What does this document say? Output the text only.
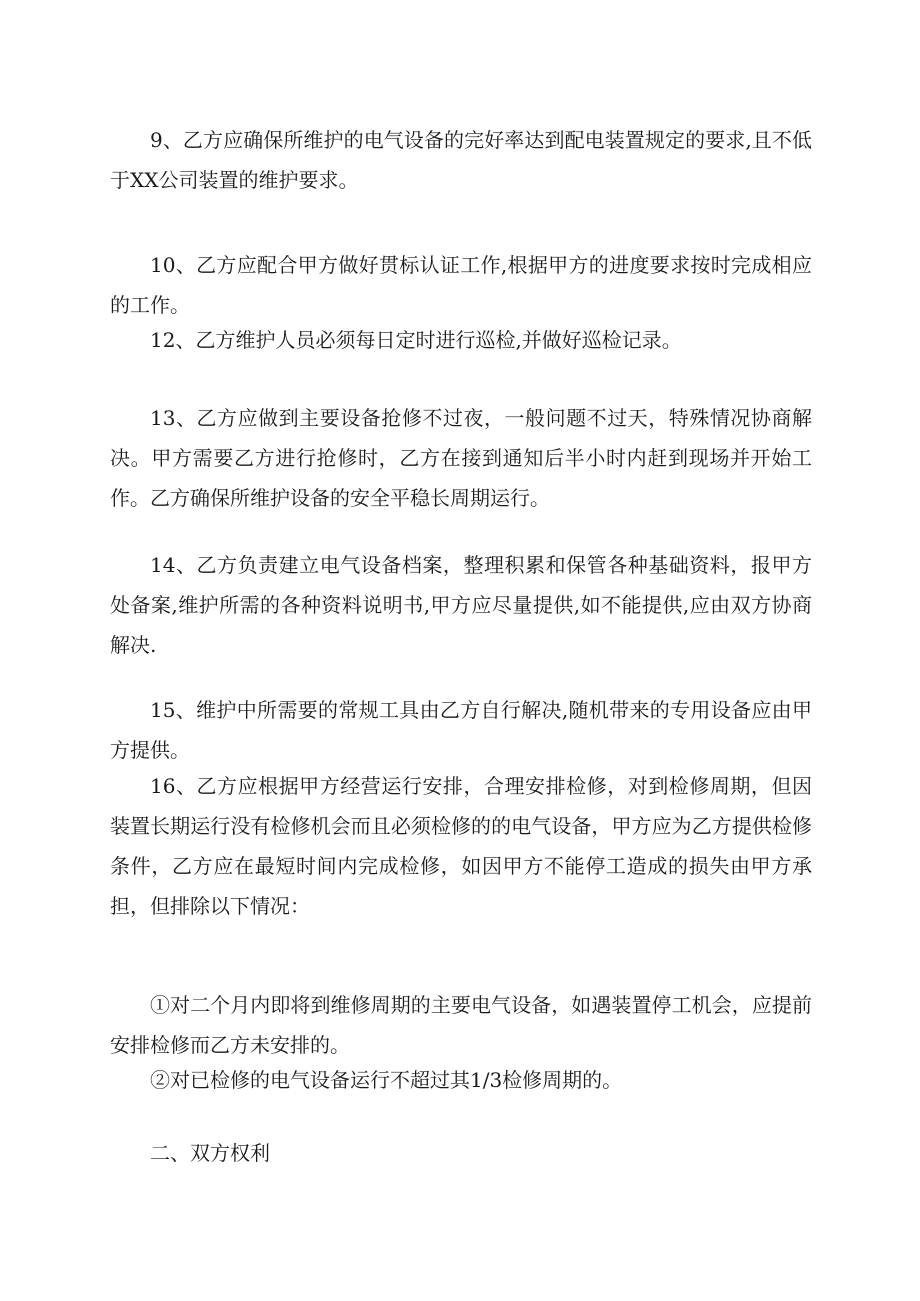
9、乙方应确保所维护的电气设备的完好率达到配电装置规定的要求,且不低于XX公司装置的维护要求。

10、乙方应配合甲方做好贯标认证工作,根据甲方的进度要求按时完成相应的工作。

12、乙方维护人员必须每日定时进行巡检,并做好巡检记录。

13、乙方应做到主要设备抢修不过夜，一般问题不过天，特殊情况协商解决。甲方需要乙方进行抢修时，乙方在接到通知后半小时内赶到现场并开始工作。乙方确保所维护设备的安全平稳长周期运行。

14、乙方负责建立电气设备档案，整理积累和保管各种基础资料，报甲方处备案,维护所需的各种资料说明书,甲方应尽量提供,如不能提供,应由双方协商解决.

15、维护中所需要的常规工具由乙方自行解决,随机带来的专用设备应由甲方提供。

16、乙方应根据甲方经营运行安排，合理安排检修，对到检修周期，但因装置长期运行没有检修机会而且必须检修的的电气设备，甲方应为乙方提供检修条件，乙方应在最短时间内完成检修，如因甲方不能停工造成的损失由甲方承担，但排除以下情况：

①对二个月内即将到维修周期的主要电气设备，如遇装置停工机会，应提前安排检修而乙方未安排的。

②对已检修的电气设备运行不超过其1/3检修周期的。

二、双方权利
